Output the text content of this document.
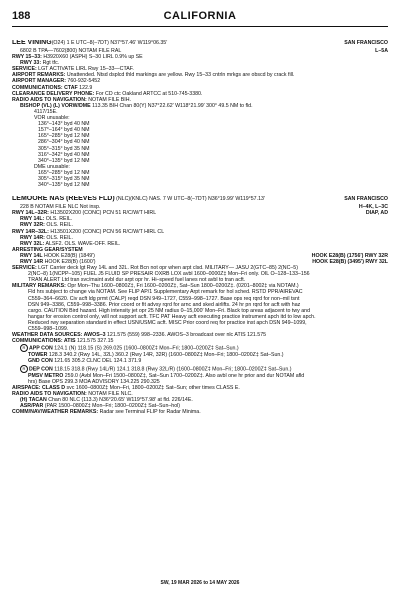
188	CALIFORNIA
LEE VINING(O24) 1 E UTC–8(–7DT) N37°57.46′ W119°06.35′	SAN FRANCISCO
6802 B TPA—7602(800) NOTAM FILE RAL	L–5A
RWY 15–33: H3920X60 (ASPH) S–30 LIRL 0.9% up SE
RWY 33: Rgt tfc.
SERVICE: LGT ACTIVATE LIRL Rwy 15–33—CTAF.
AIRPORT REMARKS: Unattended. Ntsd dsplcd thld markings are yellow. Rwy 15–33 cntrln mrkgs are obscd by crack fill.
AIRPORT MANAGER: 760-932-5452
COMMUNICATIONS: CTAF 122.9
CLEARANCE DELIVERY PHONE: For CD ctc Oakland ARTCC at 510-745-3380.
RADIO AIDS TO NAVIGATION: NOTAM FILE BIH.
BISHOP (VL) (L) VORW/DME 113.35 BIH Chan 80(Y) N37°22.62′ W118°21.99′ 300° 49.5 NM to fld.
4117/15E.
VOR unusable:
136°–143° byd 40 NM
157°–164° byd 40 NM
165°–285° byd 12 NM
286°–304° byd 40 NM
305°–315° byd 35 NM
316°–342° byd 40 NM
340°–135° byd 12 NM
DME unusable:
165°–285° byd 12 NM
305°–315° byd 35 NM
340°–135° byd 12 NM
LEMOORE NAS (REEVES FLD) (NLC)(KNLC) NAS. 7 W UTC–8(–7DT) N36°19.99′ W119°57.13′	SAN FRANCISCO
228 B NOTAM FILE NLC Not insp.	H–4K, L–3C
RWY 14L–32R: H13502X200 (CONC) PCN 51 R/C/W/T HIRL	DIAP, AD
RWY 14L: OLS. REIL.
RWY 32R: OLS. REIL.
RWY 14R–32L: H13501X200 (CONC) PCN 56 R/C/W/T HIRL CL
RWY 14R: OLS. REIL.
RWY 32L: ALSF2. OLS. WAVE-OFF. REIL.
ARRESTING GEAR/SYSTEM
RWY 14L HOOK E28(B) (1849′)	HOOK E28(B) (1756′) RWY 32R
RWY 14R HOOK E28(B) (1600′)	HOOK E28(B) (3495′) RWY 32L
SERVICE: LGT Carrier deck lgt Rwy 14L and 32L. Rot Bcn not opr when arpt clsd. MILITARY— JASU 2(GTC–85) 2(NC–5)
2(NC–8) 1(NCPP–105) FUEL J5 FLUID SP PRESAIR OXRB LOX avbl 1600–0000Z‡ Mon–Fri only. OIL O–128–133–156
TRAN ALERT Ltd tran svc/maint avbl dur arpt opr hr. Hi–speed fuel lanes not avbl to tran acft.
MILITARY REMARKS: Opr Mon–Thu 1600–0800Z‡, Fri 1600–0200Z‡, Sat–Sun 1800–0200Z‡. (0201–8002‡ via NOTAM.)
Fld hrs subject to change via NOTAM. See FLIP AP/1 Supplementary Arpt remark for hol sched. RSTD PPR/AIREVAC
C559–364–6620. Civ acft ldg prmt (CALP) reqd DSN 949–1727, C559–998–1727. Base ops req rqrd for non–mil tsnt
DSN 949–3386, C559–998–3386. Prior coord or fit advsy rqrd for arnc and sked airlifts. 24 hr pn rqrd for acft with haz
cargo. CAUTION Bird hazard. High intensity jet opr 25 NM radius 0–15,000′ Mon–Fri. Black top areas adjacent to twy and
hangar for erosion control only, will not support acft. TFC PAT Heavy acft executing practice instrument apch itd to low apch.
Reduced rwy separation standard in effect USN/USMC acft. MISC Prior coord req for practice inst apch DSN 949–1099,
C559–998–1099.
WEATHER DATA SOURCES: AWOS–3 121.575 (559) 998–2336. AWOS–3 broadcast over nlc ATIS 121.575
COMMUNICATIONS: ATIS 121.575 327.15
R APP CON 124.1 (N) 118.15 (S) 269.025 (1600–0800Z‡ Mon–Fri; 1800–0200Z‡ Sat–Sun.)
TOWER 128.3 340.2 (Rwy 14L, 32L) 360.2 (Rwy 14R, 32R) (1600–0800Z‡ Mon–Fri; 1800–0200Z‡ Sat–Sun.)
GND CON 121.65 305.2 CLNC DEL 124.1 371.9
R DEP CON 118.15 318.8 (Rwy 14L/R) 124.1 318.8 (Rwy 32L/R) (1600–0800Z‡ Mon–Fri; 1800–0200Z‡ Sat–Sun.)
PMSV METRO 259.0 (Avbl Mon–Fri 1500–0800Z‡, Sat–Sun 1700–0200Z‡. Also avbl one hr prior and dur NOTAM afld
hrs) Base OPS 299.3 MOA ADVISORY 134.225 290.325
AIRSPACE: CLASS D svc 1600–0800Z‡ Mon–Fri, 1800–0200Z‡ Sat–Sun; other times CLASS E.
RADIO AIDS TO NAVIGATION: NOTAM FILE NLC.
(H) TACAN Chan 80 NLC (113.3) N36°20.65′ W119°57.98′ at fld. 226/14E.
ASR/PAR (PAR 1500–0800Z‡ Mon–Fri; 1800–0200Z‡ Sat–Sun–hol)
COMM/NAV/WEATHER REMARKS: Radar see Terminal FLIP for Radar Minima.
SW, 19 MAR 2026 to 14 MAY 2026
